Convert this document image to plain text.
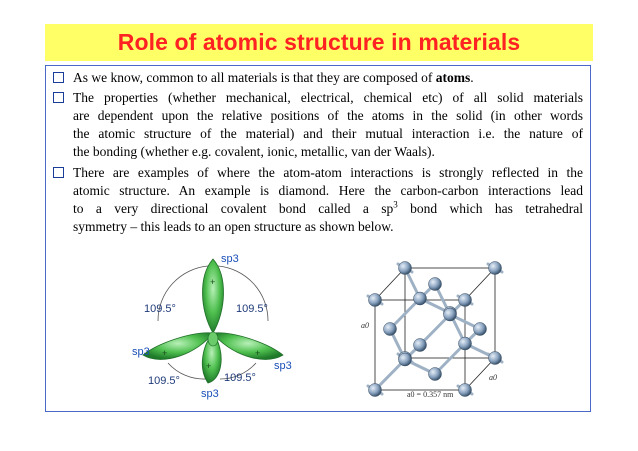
Role of atomic structure in materials
As we know, common to all materials is that they are composed of atoms.
The properties (whether mechanical, electrical, chemical etc) of all solid materials
are dependent upon the relative positions of the atoms in the solid (in other words
the atomic structure of the material) and their mutual interaction i.e. the nature of
the bonding (whether e.g. covalent, ionic, metallic, van der Waals).
There are examples of where the atom-atom interactions is strongly reflected in the
atomic structure. An example is diamond. Here the carbon-carbon interactions lead
to a very directional covalent bond called a $sp^3$ bond which has tetrahedral
symmetry – this leads to an open structure as shown below.
+
+	+
+
sp3
sp3
sp3
sp3
109.5°	109.5°
109.5°	109.5°
a0
a0
a0 = 0.357 nm
